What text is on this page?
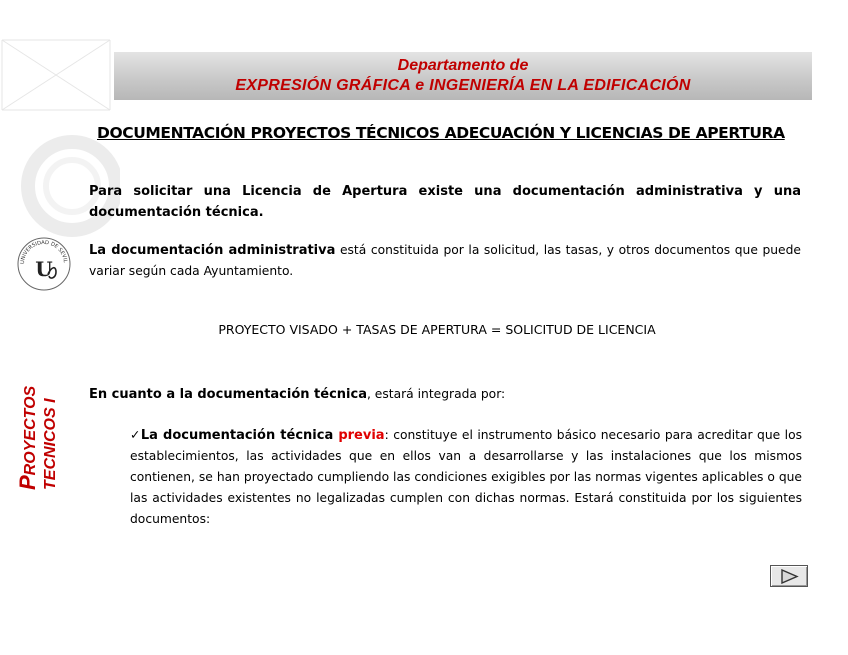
Departamento de
EXPRESIÓN GRÁFICA e INGENIERÍA EN LA EDIFICACIÓN
UNIVERSIDAD DE SEVIL
U
PROYECTOS TECNICOS I
DOCUMENTACIÓN PROYECTOS TÉCNICOS ADECUACIÓN Y LICENCIAS DE APERTURA
Para solicitar una Licencia de Apertura existe una documentación administrativa y una documentación técnica.
La documentación administrativa está constituida por la solicitud, las tasas, y otros documentos que puede variar según cada Ayuntamiento.
PROYECTO VISADO + TASAS DE APERTURA = SOLICITUD DE LICENCIA
En cuanto a la documentación técnica, estará integrada por:
✓La documentación técnica previa: constituye el instrumento básico necesario para acreditar que los establecimientos, las actividades que en ellos van a desarrollarse y las instalaciones que los mismos contienen, se han proyectado cumpliendo las condiciones exigibles por las normas vigentes aplicables o que las actividades existentes no legalizadas cumplen con dichas normas. Estará constituida por los siguientes documentos:
